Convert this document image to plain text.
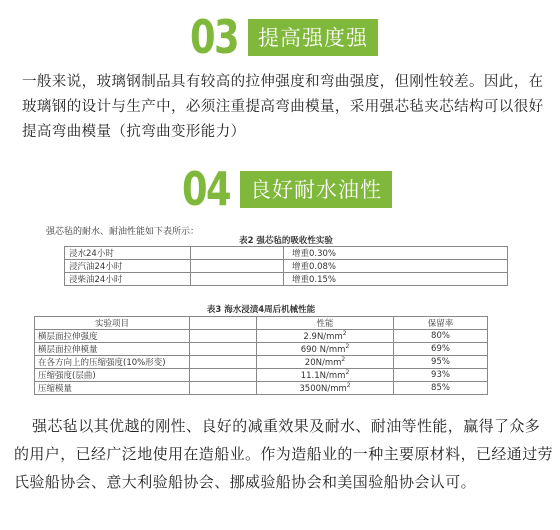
03 提高强度强

一般来说，玻璃钢制品具有较高的拉伸强度和弯曲强度，但刚性较差。因此，在玻璃钢的设计与生产中，必须注重提高弯曲模量，采用强芯毡夹芯结构可以很好提高弯曲模量（抗弯曲变形能力）

04 良好耐水油性
强芯毡的耐水、耐油性能如下表所示：
表2 强芯毡的吸收性实验
浸水24小时		增重0.30%
浸汽油24小时		增重0.08%
浸柴油24小时		增重0.15%
表3 海水浸渍4周后机械性能
实验项目		性能	保留率
横层面拉伸强度		$2.9N/mm^2$	80%
横层面拉伸模量		690 $N/mm^2$	69%
在各方向上的压缩强度(10%形变)		$20N/mm^2$	95%
压缩强度(层曲)		$11.1N/mm^2$	93%
压缩模量		$3500N/mm^2$	85%

强芯毡以其优越的刚性、良好的减重效果及耐水、耐油等性能，赢得了众多的用户，已经广泛地使用在造船业。作为造船业的一种主要原材料，已经通过劳氏验船协会、意大利验船协会、挪威验船协会和美国验船协会认可。
